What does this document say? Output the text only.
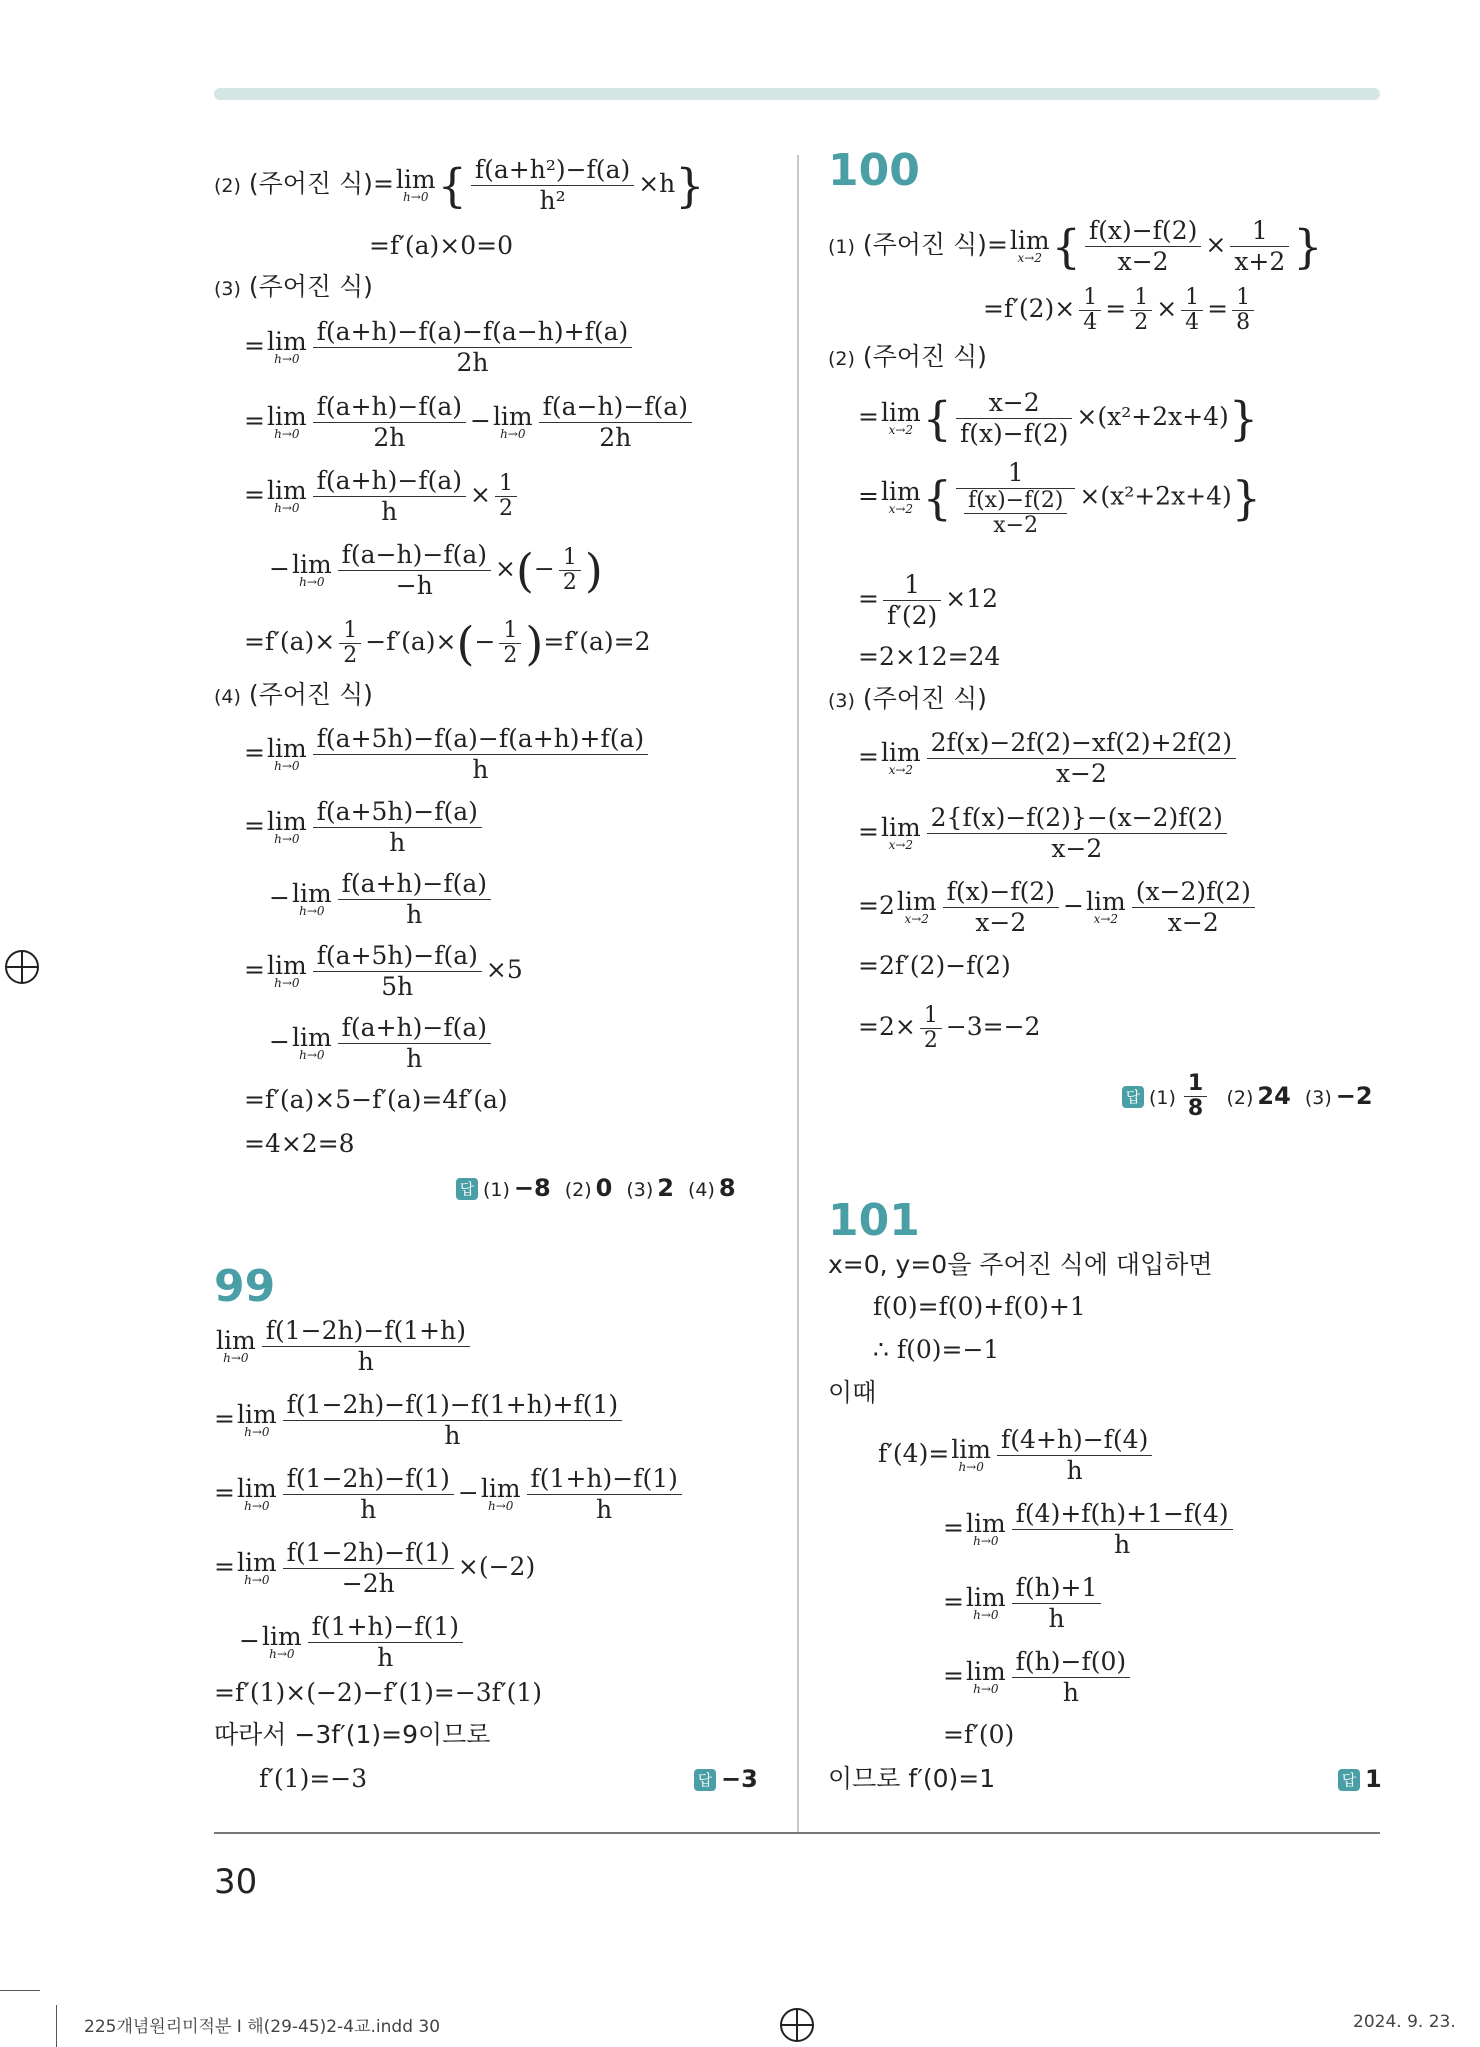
(2) (주어진 식)= lim
h→0 { $\frac{\text{f(a+h²)−f(a)}}{\text{h²}} \times h$}
=f′(a)×0=0
(3) (주어진 식)
= lim
$h\to 0 \frac{f(a+h)-f(a)-f(a-h)+f(a)}{2h}$
= lim
$h\to 0 \frac{f(a+h)-f(a)}{2h} - \lim$
$h\to 0 \frac{f(a-h)-f(a)}{2h}$
= lim
$h\to 0 \frac{f(a+h)-f(a)}{h} \times \frac{1}{2}$
− lim
$h\to 0 \frac{f(a-h)-f(a)}{-h}$ ×(− $\frac{1}{2}$ )
$=f'(a)\times \frac{1}{2} -f'(a)\times(- \frac{1}{2} )=f'(a)=2$
(4) (주어진 식)
= lim
$h\to 0 \frac{f(a+5h)-f(a)-f(a+h)+f(a)}{h}$
= lim
$h\to 0 \frac{f(a+5h)-f(a)}{h}$
− lim
$h\to 0 \frac{f(a+h)-f(a)}{h}$
= lim
$h\to 0 \frac{f(a+5h)-f(a)}{5h} \times 5$
− lim
$h\to 0 \frac{f(a+h)-f(a)}{h}$
=f′(a)×5−f′(a)=4f′(a)
=4×2=8
답 (1) −8 (2) 0 (3) 2 (4) 8
99
lim
$h\to 0 \frac{f(1-2h)-f(1+h)}{h}$
= lim
$h\to 0 \frac{f(1-2h)-f(1)-f(1+h)+f(1)}{h}$
= lim
$h\to 0 \frac{f(1-2h)-f(1)}{h} - \lim$
$h\to 0 \frac{f(1+h)-f(1)}{h}$
= lim
$h\to 0 \frac{f(1-2h)-f(1)}{-2h} \times(-2)$
− lim
$h\to 0 \frac{f(1+h)-f(1)}{h}$
=f′(1)×(−2)−f′(1)=−3f′(1)
따라서 −3f′(1)=9이므로
f′(1)=−3	답 −3
100
(1) (주어진 식)= lim
x→2 { $\frac{f(x)-f(2)}{x-2} \times \frac{1}{x+2}$ }
$=f'(2)\times \frac{1}{4} = \frac{1}{2} \times \frac{1}{4} = \frac{1}{8}$
(2) (주어진 식)
= lim
x→2 { $\frac{x-2}{f(x)-f(2)} \times(x^2+2x+4)$}
= lim
x→2 { $\frac{1}{\frac{f(x)-f(2)}{x-2}} \times(x^2+2x+4)$}
= $\frac{1}{f'(2)} \times 12$
=2×12=24
(3) (주어진 식)
= lim
$x\to 2 \frac{2f(x)-2f(2)-xf(2)+2f(2)}{x-2}$
= lim
$x\to 2 \frac{2\{f(x)-f(2)\}-(x-2)f(2)}{x-2}$
=2 lim
$x\to 2 \frac{f(x)-f(2)}{x-2} - \lim$
$x\to 2 \frac{(x-2)f(2)}{x-2}$
=2f′(2)−f(2)
$=2\times \frac{1}{2} -3=-2$
답 $(1) \frac{1}{8} (2)$ 24 (3) −2
101
x=0, y=0을 주어진 식에 대입하면
f(0)=f(0)+f(0)+1
∴ f(0)=−1
이때
f′(4)= lim
$h\to 0 \frac{f(4+h)-f(4)}{h}$
= lim
$h\to 0 \frac{f(4)+f(h)+1-f(4)}{h}$
= lim
$h\to 0 \frac{f(h)+1}{h}$
= lim
$h\to 0 \frac{f(h)-f(0)}{h}$
=f′(0)
이므로 f′(0)=1	답 1
30
225개념원리미적분 I 해(29-45)2-4교.indd 30	2024. 9. 23.
